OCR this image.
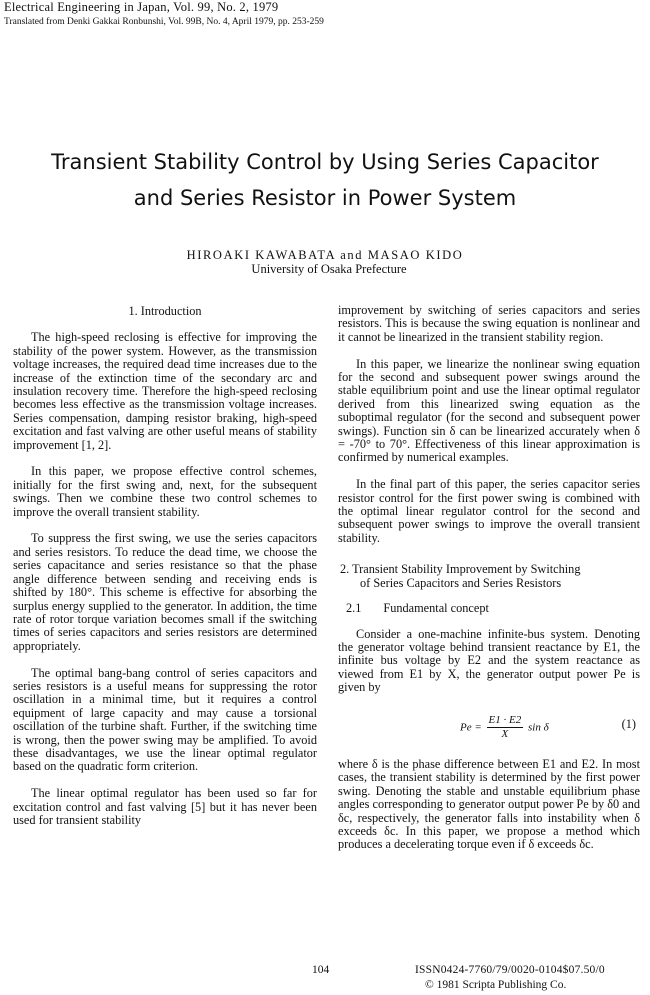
Electrical Engineering in Japan, Vol. 99, No. 2, 1979
Translated from Denki Gakkai Ronbunshi, Vol. 99B, No. 4, April 1979, pp. 253-259
Transient Stability Control by Using Series Capacitor
and Series Resistor in Power System
HIROAKI KAWABATA and MASAO KIDO
University of Osaka Prefecture
1. Introduction

The high-speed reclosing is effective for improving the stability of the power system. However, as the transmission voltage increases, the required dead time increases due to the increase of the extinction time of the secondary arc and insulation recovery time. Therefore the high-speed reclosing becomes less effective as the transmission voltage increases. Series compensation, damping resistor braking, high-speed excitation and fast valving are other useful means of stability improvement [1, 2].

In this paper, we propose effective control schemes, initially for the first swing and, next, for the subsequent swings. Then we combine these two control schemes to improve the overall transient stability.

To suppress the first swing, we use the series capacitors and series resistors. To reduce the dead time, we choose the series capacitance and series resistance so that the phase angle difference between sending and receiving ends is shifted by 180°. This scheme is effective for absorbing the surplus energy supplied to the generator. In addition, the time rate of rotor torque variation becomes small if the switching times of series capacitors and series resistors are determined appropriately.

The optimal bang-bang control of series capacitors and series resistors is a useful means for suppressing the rotor oscillation in a minimal time, but it requires a control equipment of large capacity and may cause a torsional oscillation of the turbine shaft. Further, if the switching time is wrong, then the power swing may be amplified. To avoid these disadvantages, we use the linear optimal regulator based on the quadratic form criterion.

The linear optimal regulator has been used so far for excitation control and fast valving [5] but it has never been used for transient stability

improvement by switching of series capacitors and series resistors. This is because the swing equation is nonlinear and it cannot be linearized in the transient stability region.

In this paper, we linearize the nonlinear swing equation for the second and subsequent power swings around the stable equilibrium point and use the linear optimal regulator derived from this linearized swing equation as the suboptimal regulator (for the second and subsequent power swings). Function sin δ can be linearized accurately when δ = -70° to 70°. Effectiveness of this linear approximation is confirmed by numerical examples.

In the final part of this paper, the series capacitor series resistor control for the first power swing is combined with the optimal linear regulator control for the second and subsequent power swings to improve the overall transient stability.

2. Transient Stability Improvement by Switching
of Series Capacitors and Series Resistors
2.1 Fundamental concept

Consider a one-machine infinite-bus system. Denoting the generator voltage behind transient reactance by E1, the infinite bus voltage by E2 and the system reactance as viewed from E1 by X, the generator output power Pe is given by

$Pe = \frac{E1 \cdot E2}{X}$ sin δ	(1)

where δ is the phase difference between E1 and E2. In most cases, the transient stability is determined by the first power swing. Denoting the stable and unstable equilibrium phase angles corresponding to generator output power Pe by δ0 and δc, respectively, the generator falls into instability when δ exceeds δc. In this paper, we propose a method which produces a decelerating torque even if δ exceeds δc.

104	ISSN0424-7760/79/0020-0104$07.50/0
© 1981 Scripta Publishing Co.
